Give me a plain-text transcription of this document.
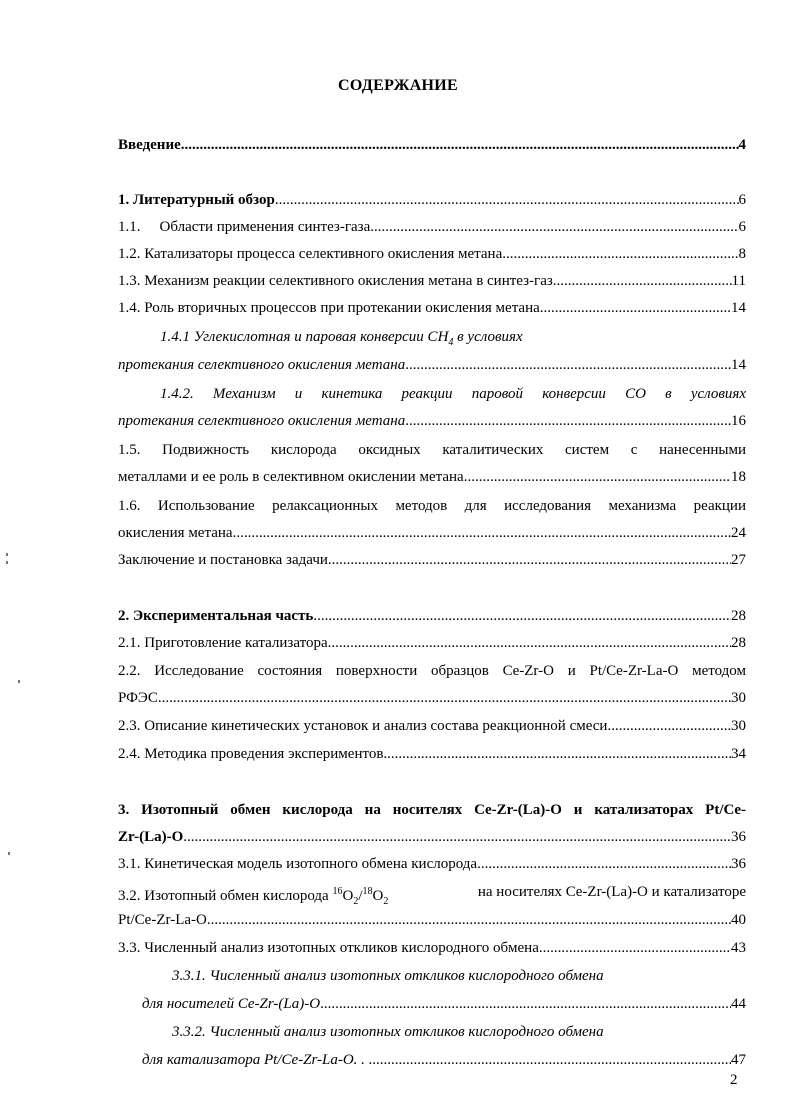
СОДЕРЖАНИЕ
Введение .....	4
1. Литературный обзор .....	6
1.1. Области применения синтез-газа .....	6
1.2. Катализаторы процесса селективного окисления метана .....	8
1.3. Механизм реакции селективного окисления метана в синтез-газ .....	11
1.4. Роль вторичных процессов при протекании окисления метана .....	14
1.4.1 Углекислотная и паровая конверсии $CH_4$ в условиях
протекания селективного окисления метана .....	14
1.4.2. Механизм и кинетика реакции паровой конверсии CO в условиях
протекания селективного окисления метана .....	16
1.5. Подвижность кислорода оксидных каталитических систем с нанесенными
металлами и ее роль в селективном окислении метана .....	18
1.6. Использование релаксационных методов для исследования механизма реакции
окисления метана .....	24
Заключение и постановка задачи .....	27
2. Экспериментальная часть .....	28
2.1. Приготовление катализатора .....	28
2.2. Исследование состояния поверхности образцов Ce-Zr-O и Pt/Ce-Zr-La-O методом
РФЭС. .....	30
2.3. Описание кинетических установок и анализ состава реакционной смеси .....	30
2.4. Методика проведения экспериментов .....	34
3. Изотопный обмен кислорода на носителях Ce-Zr-(La)-O и катализаторах Pt/Ce-
Zr-(La)-O .....	36
3.1. Кинетическая модель изотопного обмена кислорода .....	36
3.2. Изотопный обмен кислорода $^{16}O_2/^{18}O_2$
на носителях Ce-Zr-(La)-O и катализаторе
Pt/Ce-Zr-La-O .....	40
3.3. Численный анализ изотопных откликов кислородного обмена .....	43
3.3.1. Численный анализ изотопных откликов кислородного обмена
для носителей Ce-Zr-(La)-O .....	44
3.3.2. Численный анализ изотопных откликов кислородного обмена
для катализатора Pt/Ce-Zr-La-O. . .....	47
2
